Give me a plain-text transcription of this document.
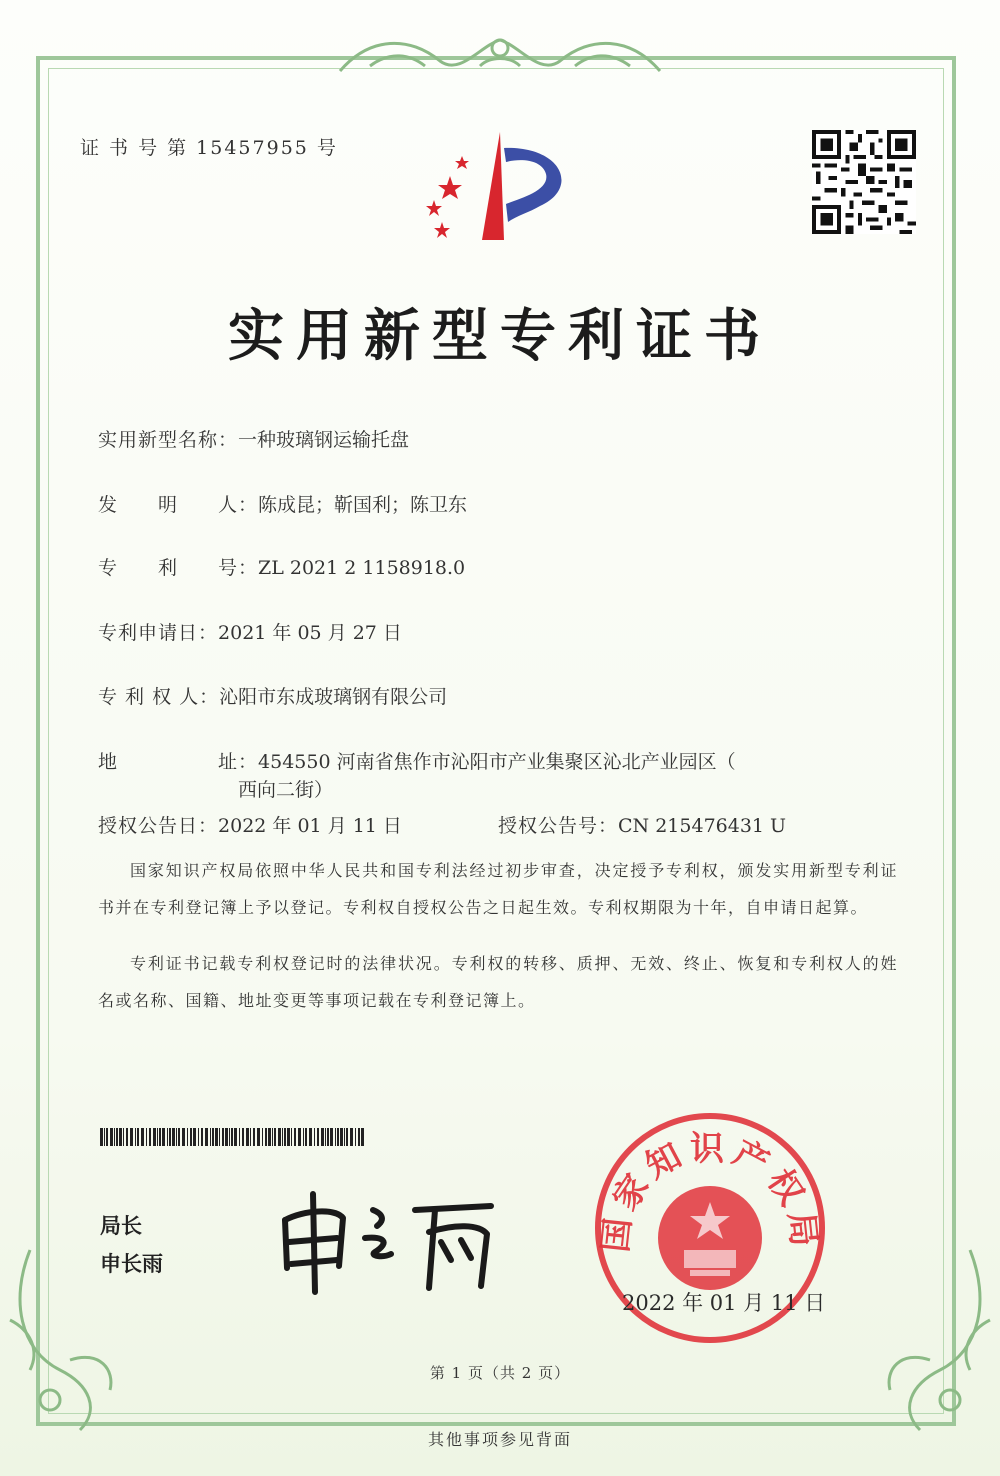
证 书 号 第 15457955 号
实用新型专利证书
实用新型名称：一种玻璃钢运输托盘
发　　明　　人：陈成昆；靳国利；陈卫东
专　　利　　号：ZL 2021 2 1158918.0
专利申请日：2021 年 05 月 27 日
专 利 权 人：沁阳市东成玻璃钢有限公司
地　　　　　址：454550 河南省焦作市沁阳市产业集聚区沁北产业园区（
西向二街）
授权公告日：2022 年 01 月 11 日	授权公告号：CN 215476431 U
国家知识产权局依照中华人民共和国专利法经过初步审查，决定授予专利权，颁发实用新型专利证书并在专利登记簿上予以登记。专利权自授权公告之日起生效。专利权期限为十年，自申请日起算。
专利证书记载专利权登记时的法律状况。专利权的转移、质押、无效、终止、恢复和专利权人的姓名或名称、国籍、地址变更等事项记载在专利登记簿上。
局长
申长雨
国家知识产权局
2022 年 01 月 11 日
第 1 页（共 2 页）
其他事项参见背面
